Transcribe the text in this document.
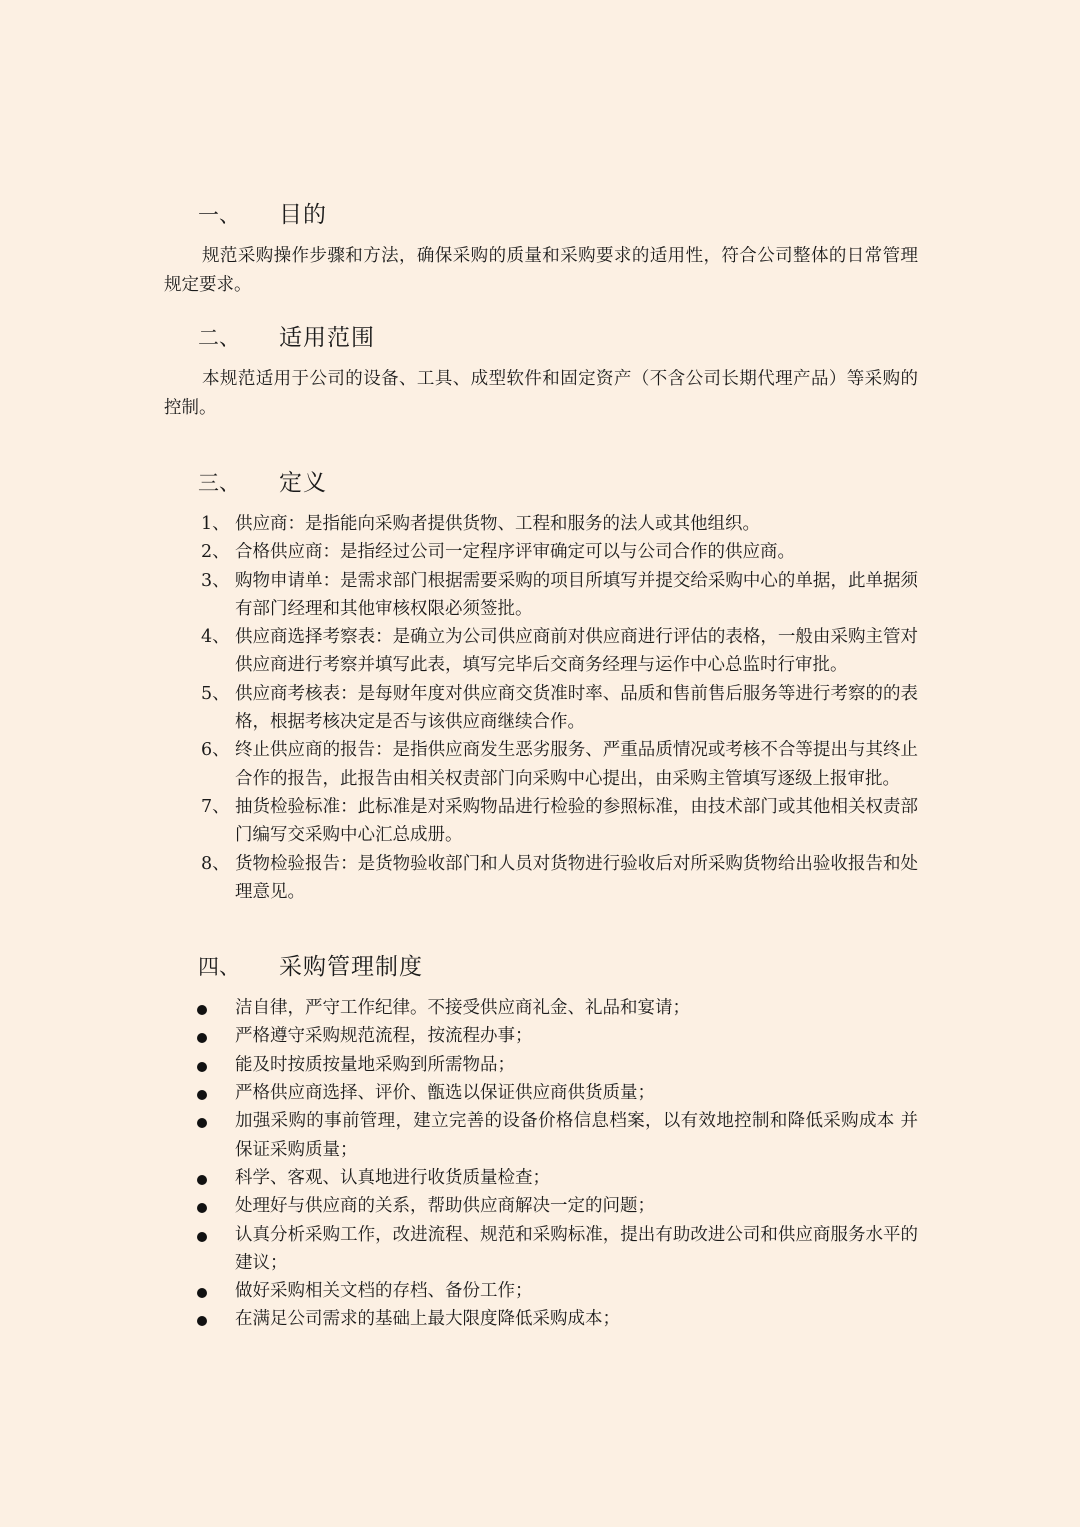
一、	目的

规范采购操作步骤和方法，确保采购的质量和采购要求的适用性，符合公司整体的日常管理规定要求。

二、	适用范围

本规范适用于公司的设备、工具、成型软件和固定资产（不含公司长期代理产品）等采购的控制。

三、	定义
1、 供应商：是指能向采购者提供货物、工程和服务的法人或其他组织。
2、 合格供应商：是指经过公司一定程序评审确定可以与公司合作的供应商。
3、 购物申请单：是需求部门根据需要采购的项目所填写并提交给采购中心的单据，此单据须有部门经理和其他审核权限必须签批。
4、 供应商选择考察表：是确立为公司供应商前对供应商进行评估的表格，一般由采购主管对供应商进行考察并填写此表，填写完毕后交商务经理与运作中心总监时行审批。
5、 供应商考核表：是每财年度对供应商交货准时率、品质和售前售后服务等进行考察的的表格，根据考核决定是否与该供应商继续合作。
6、 终止供应商的报告：是指供应商发生恶劣服务、严重品质情况或考核不合等提出与其终止合作的报告，此报告由相关权责部门向采购中心提出，由采购主管填写逐级上报审批。
7、 抽货检验标准：此标准是对采购物品进行检验的参照标准，由技术部门或其他相关权责部门编写交采购中心汇总成册。
8、 货物检验报告：是货物验收部门和人员对货物进行验收后对所采购货物给出验收报告和处理意见。
四、	采购管理制度
洁自律，严守工作纪律。不接受供应商礼金、礼品和宴请；
严格遵守采购规范流程，按流程办事；
能及时按质按量地采购到所需物品；
严格供应商选择、评价、甑选以保证供应商供货质量；
加强采购的事前管理，建立完善的设备价格信息档案，以有效地控制和降低采购成本 并保证采购质量；
科学、客观、认真地进行收货质量检查；
处理好与供应商的关系，帮助供应商解决一定的问题；
认真分析采购工作，改进流程、规范和采购标准，提出有助改进公司和供应商服务水平的建议；
做好采购相关文档的存档、备份工作；
在满足公司需求的基础上最大限度降低采购成本；
